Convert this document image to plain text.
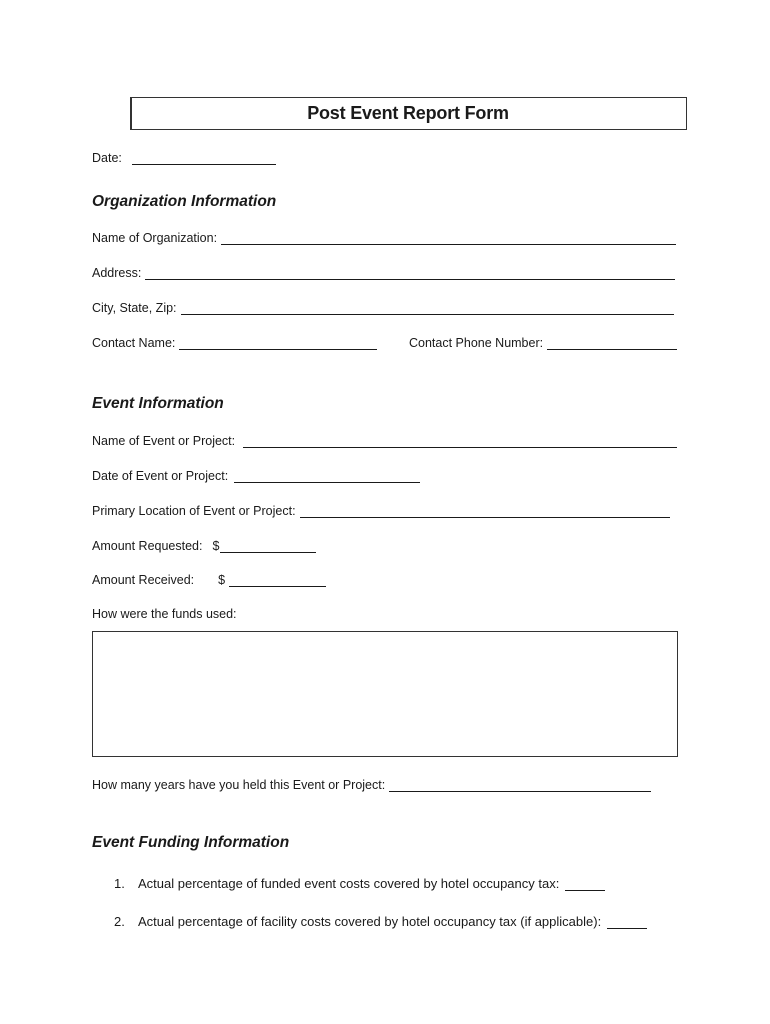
Post Event Report Form
Date:
Organization Information
Name of Organization:
Address:
City, State, Zip:
Contact Name:	Contact Phone Number:
Event Information
Name of Event or Project:
Date of Event or Project:
Primary Location of Event or Project:
Amount Requested: $
Amount Received: $
How were the funds used:
How many years have you held this Event or Project:
Event Funding Information
1.	Actual percentage of funded event costs covered by hotel occupancy tax:
2.	Actual percentage of facility costs covered by hotel occupancy tax (if applicable):
